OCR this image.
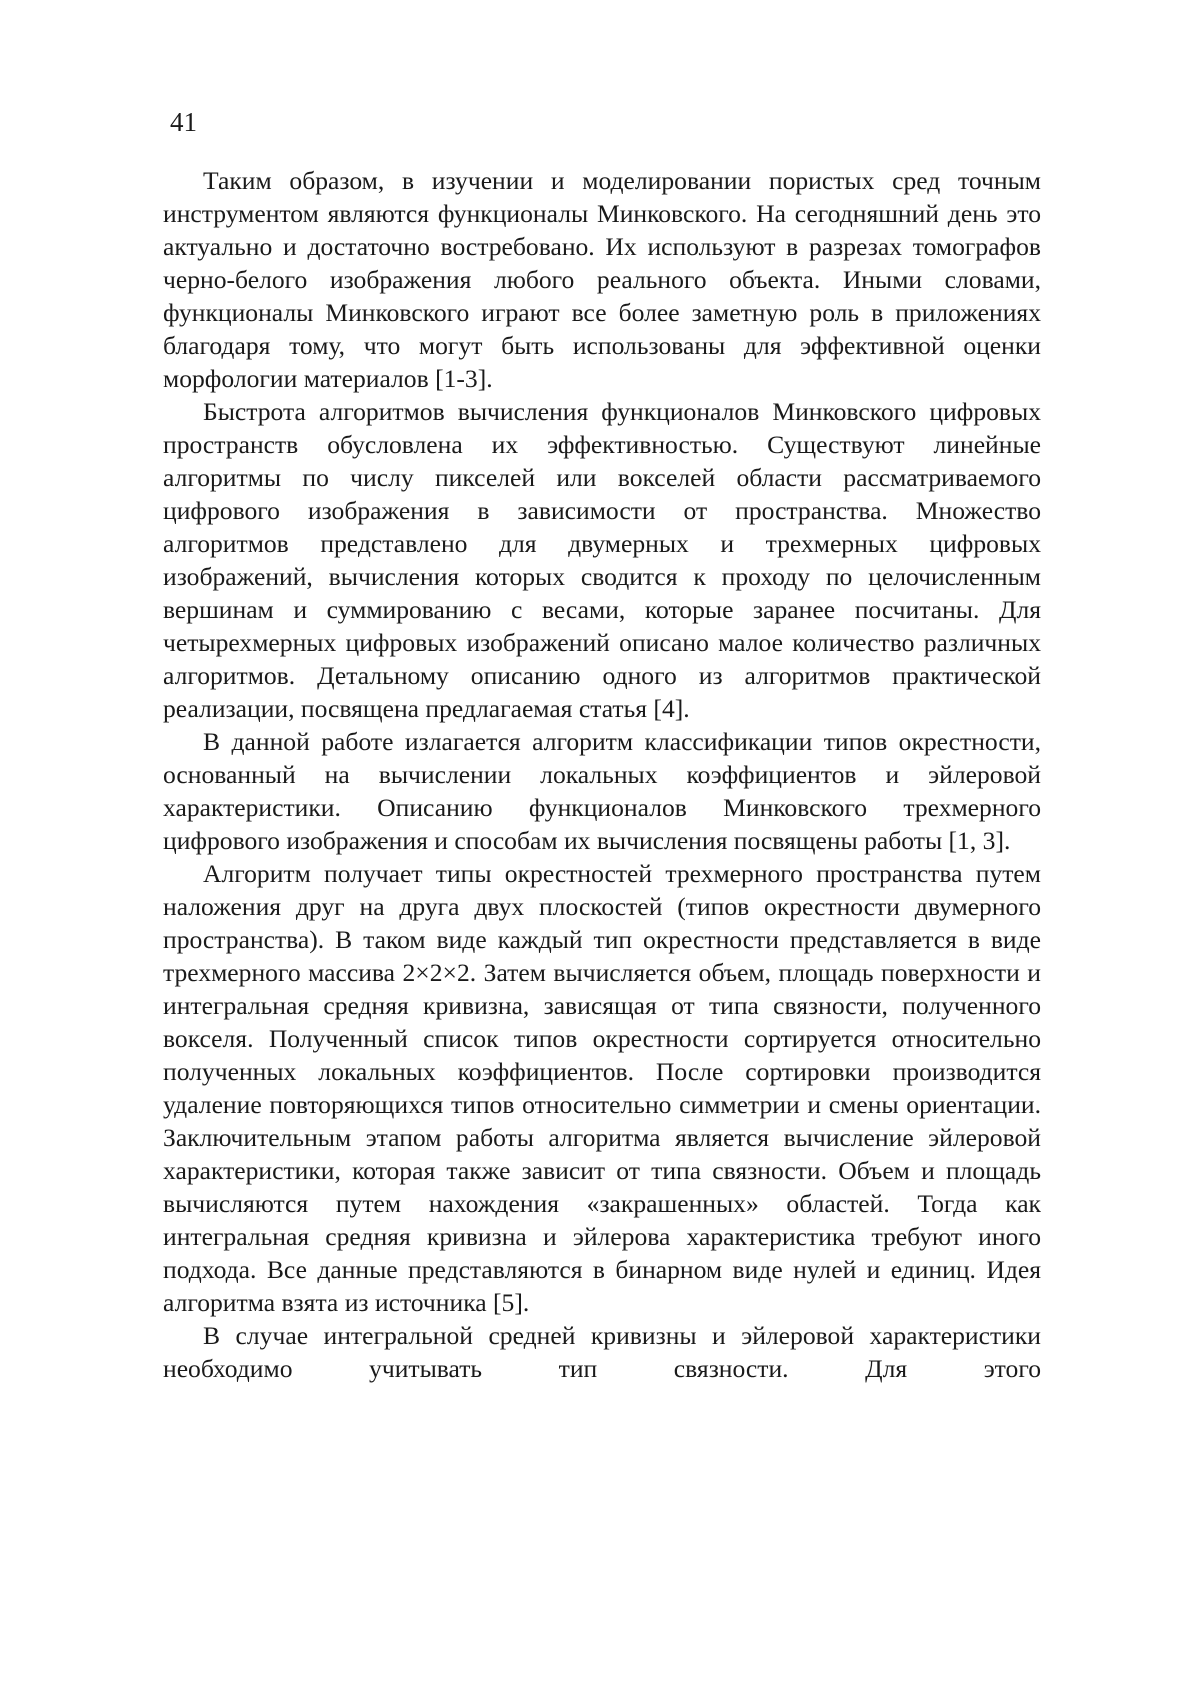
41

Таким образом, в изучении и моделировании пористых сред точным инструментом являются функционалы Минковского. На сегодняшний день это актуально и достаточно востребовано. Их используют в разрезах томографов черно-белого изображения любого реального объекта. Иными словами, функционалы Минковского играют все более заметную роль в приложениях благодаря тому, что могут быть использованы для эффективной оценки морфологии материалов [1-3].

Быстрота алгоритмов вычисления функционалов Минковского цифровых пространств обусловлена их эффективностью. Существуют линейные алгоритмы по числу пикселей или вокселей области рассматриваемого цифрового изображения в зависимости от пространства. Множество алгоритмов представлено для двумерных и трехмерных цифровых изображений, вычисления которых сводится к проходу по целочисленным вершинам и суммированию с весами, которые заранее посчитаны. Для четырехмерных цифровых изображений описано малое количество различных алгоритмов. Детальному описанию одного из алгоритмов практической реализации, посвящена предлагаемая статья [4].

В данной работе излагается алгоритм классификации типов окрестности, основанный на вычислении локальных коэффициентов и эйлеровой характеристики. Описанию функционалов Минковского трехмерного цифрового изображения и способам их вычисления посвящены работы [1, 3].

Алгоритм получает типы окрестностей трехмерного пространства путем наложения друг на друга двух плоскостей (типов окрестности двумерного пространства). В таком виде каждый тип окрестности представляется в виде трехмерного массива 2×2×2. Затем вычисляется объем, площадь поверхности и интегральная средняя кривизна, зависящая от типа связности, полученного вокселя. Полученный список типов окрестности сортируется относительно полученных локальных коэффициентов. После сортировки производится удаление повторяющихся типов относительно симметрии и смены ориентации. Заключительным этапом работы алгоритма является вычисление эйлеровой характеристики, которая также зависит от типа связности. Объем и площадь вычисляются путем нахождения «закрашенных» областей. Тогда как интегральная средняя кривизна и эйлерова характеристика требуют иного подхода. Все данные представляются в бинарном виде нулей и единиц. Идея алгоритма взята из источника [5].

В случае интегральной средней кривизны и эйлеровой характеристики необходимо учитывать тип связности. Для этого
